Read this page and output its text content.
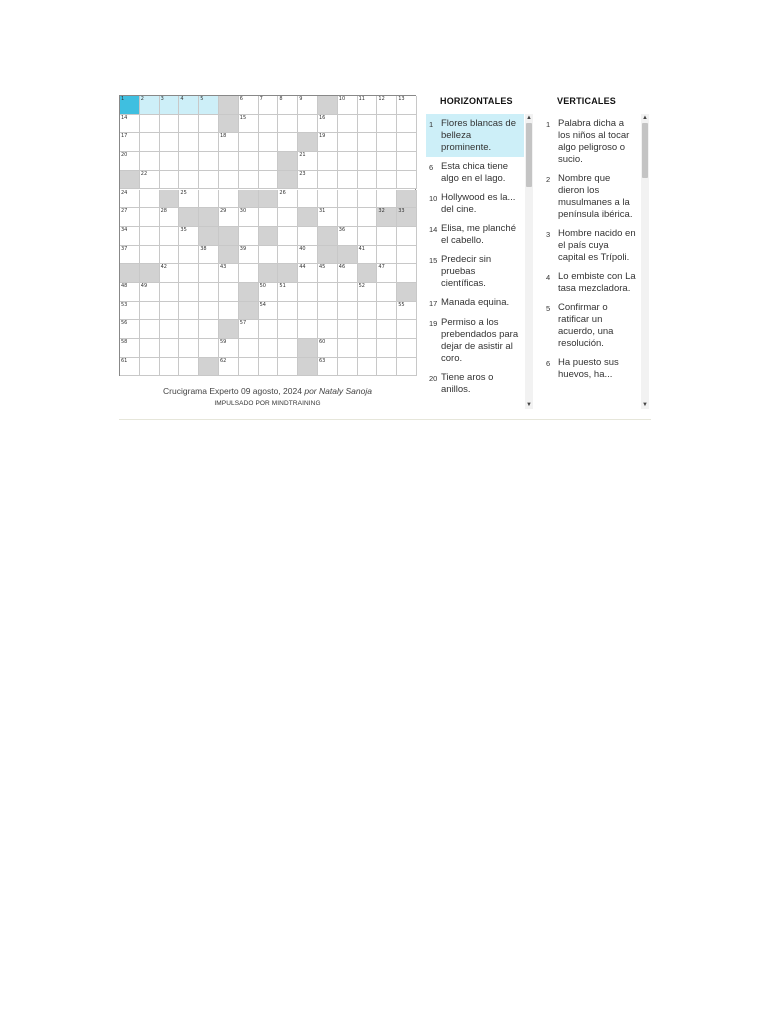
1	2	3	4	5	6	7	8	9	10	11	12	13
14	15	16
17	18	19
20	21
22	23
24	25	26
27	28	29	30	31	32	33
34	35	36
37	38	39	40	41
42	43	44	45	46	47
48	49	50	51	52
53	54	55
56	57
58	59	60
61	62	63
Crucigrama Experto 09 agosto, 2024 por Nataly Sanoja
IMPULSADO POR MINDTRAINING
HORIZONTALES	VERTICALES
1 Flores blancas de belleza prominente.
6 Esta chica tiene algo en el lago.
10 Hollywood es la... del cine.
14 Elisa, me planché el cabello.
15 Predecir sin pruebas científicas.
17 Manada equina.
19 Permiso a los prebendados para dejar de asistir al coro.
20 Tiene aros o anillos.
▲
▼
1 Palabra dicha a los niños al tocar algo peligroso o sucio.
2 Nombre que dieron los musulmanes a la península ibérica.
3 Hombre nacido en el país cuya capital es Trípoli.
4 Lo embiste con La tasa mezcladora.
5 Confirmar o ratificar un acuerdo, una resolución.
6 Ha puesto sus huevos, ha...
▲
▼
